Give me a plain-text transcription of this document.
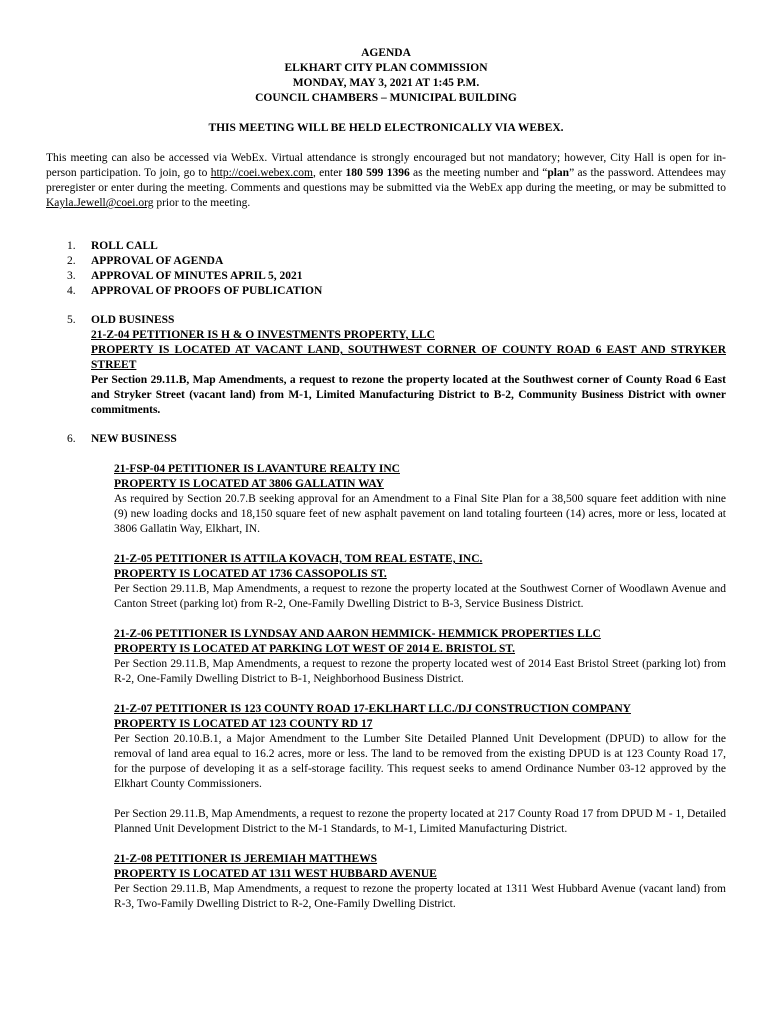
AGENDA
ELKHART CITY PLAN COMMISSION
MONDAY, MAY 3, 2021 AT 1:45 P.M.
COUNCIL CHAMBERS – MUNICIPAL BUILDING
THIS MEETING WILL BE HELD ELECTRONICALLY VIA WEBEX.
This meeting can also be accessed via WebEx. Virtual attendance is strongly encouraged but not mandatory; however, City Hall is open for in-person participation. To join, go to http://coei.webex.com, enter 180 599 1396 as the meeting number and “plan” as the password. Attendees may preregister or enter during the meeting. Comments and questions may be submitted via the WebEx app during the meeting, or may be submitted to Kayla.Jewell@coei.org prior to the meeting.
1. ROLL CALL
2. APPROVAL OF AGENDA
3. APPROVAL OF MINUTES APRIL 5, 2021
4. APPROVAL OF PROOFS OF PUBLICATION
5. OLD BUSINESS
21-Z-04 PETITIONER IS H & O INVESTMENTS PROPERTY, LLC
PROPERTY IS LOCATED AT VACANT LAND, SOUTHWEST CORNER OF COUNTY ROAD 6 EAST AND STRYKER STREET
Per Section 29.11.B, Map Amendments, a request to rezone the property located at the Southwest corner of County Road 6 East and Stryker Street (vacant land) from M-1, Limited Manufacturing District to B-2, Community Business District with owner commitments.
6. NEW BUSINESS
21-FSP-04 PETITIONER IS LAVANTURE REALTY INC
PROPERTY IS LOCATED AT 3806 GALLATIN WAY
As required by Section 20.7.B seeking approval for an Amendment to a Final Site Plan for a 38,500 square feet addition with nine (9) new loading docks and 18,150 square feet of new asphalt pavement on land totaling fourteen (14) acres, more or less, located at 3806 Gallatin Way, Elkhart, IN.
21-Z-05 PETITIONER IS ATTILA KOVACH, TOM REAL ESTATE, INC.
PROPERTY IS LOCATED AT 1736 CASSOPOLIS ST.
Per Section 29.11.B, Map Amendments, a request to rezone the property located at the Southwest Corner of Woodlawn Avenue and Canton Street (parking lot) from R-2, One-Family Dwelling District to B-3, Service Business District.
21-Z-06 PETITIONER IS LYNDSAY AND AARON HEMMICK- HEMMICK PROPERTIES LLC
PROPERTY IS LOCATED AT PARKING LOT WEST OF 2014 E. BRISTOL ST.
Per Section 29.11.B, Map Amendments, a request to rezone the property located west of 2014 East Bristol Street (parking lot) from R-2, One-Family Dwelling District to B-1, Neighborhood Business District.
21-Z-07 PETITIONER IS 123 COUNTY ROAD 17-EKLHART LLC./DJ CONSTRUCTION COMPANY
PROPERTY IS LOCATED AT 123 COUNTY RD 17
Per Section 20.10.B.1, a Major Amendment to the Lumber Site Detailed Planned Unit Development (DPUD) to allow for the removal of land area equal to 16.2 acres, more or less. The land to be removed from the existing DPUD is at 123 County Road 17, for the purpose of developing it as a self-storage facility. This request seeks to amend Ordinance Number 03-12 approved by the Elkhart County Commissioners.
Per Section 29.11.B, Map Amendments, a request to rezone the property located at 217 County Road 17 from DPUD M - 1, Detailed Planned Unit Development District to the M-1 Standards, to M-1, Limited Manufacturing District.
21-Z-08 PETITIONER IS JEREMIAH MATTHEWS
PROPERTY IS LOCATED AT 1311 WEST HUBBARD AVENUE
Per Section 29.11.B, Map Amendments, a request to rezone the property located at 1311 West Hubbard Avenue (vacant land) from R-3, Two-Family Dwelling District to R-2, One-Family Dwelling District.
